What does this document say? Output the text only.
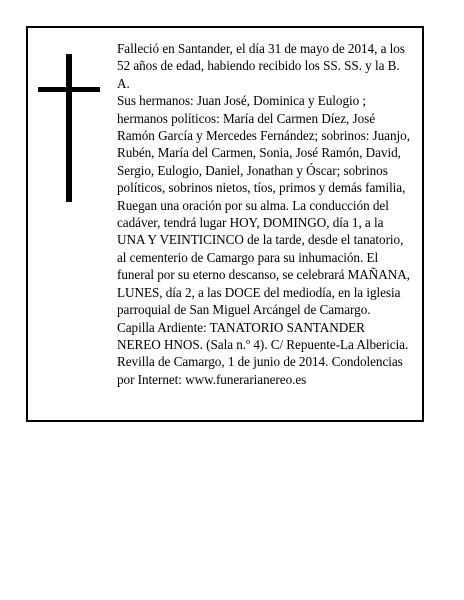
Falleció en Santander, el día 31 de mayo de 2014, a los
52 años de edad, habiendo recibido los SS. SS. y la B.
A.
Sus hermanos: Juan José, Dominica y Eulogio ;
hermanos políticos: María del Carmen Díez, José
Ramón García y Mercedes Fernández; sobrinos: Juanjo,
Rubén, María del Carmen, Sonia, José Ramón, David,
Sergio, Eulogio, Daniel, Jonathan y Óscar; sobrinos
políticos, sobrinos nietos, tíos, primos y demás familia,
Ruegan una oración por su alma. La conducción del
cadáver, tendrá lugar HOY, DOMINGO, día 1, a la
UNA Y VEINTICINCO de la tarde, desde el tanatorio,
al cementerio de Camargo para su inhumación. El
funeral por su eterno descanso, se celebrará MAÑANA,
LUNES, día 2, a las DOCE del mediodía, en la iglesia
parroquial de San Miguel Arcángel de Camargo.
Capilla Ardiente: TANATORIO SANTANDER
NEREO HNOS. (Sala n.º 4). C/ Repuente-La Albericia.
Revilla de Camargo, 1 de junio de 2014. Condolencias
por Internet: www.funerarianereo.es
